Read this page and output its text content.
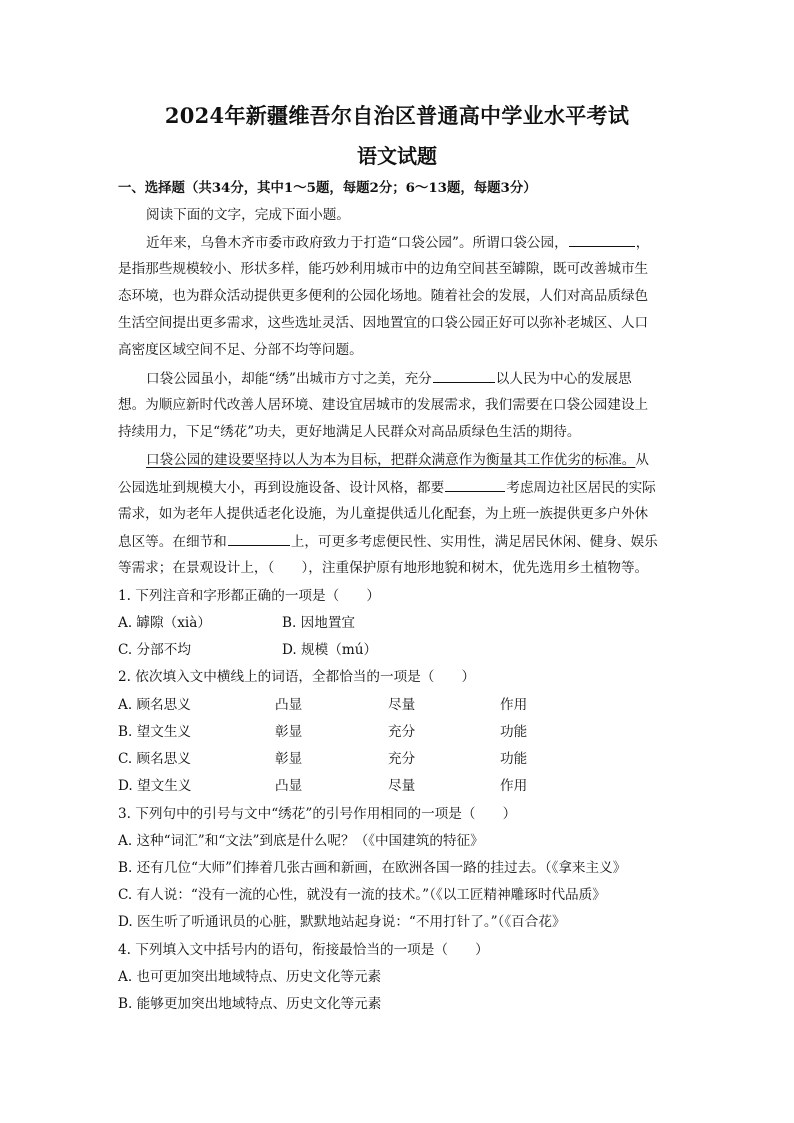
2024年新疆维吾尔自治区普通高中学业水平考试
语文试题
一、选择题（共34分，其中1～5题，每题2分；6～13题，每题3分）
阅读下面的文字，完成下面小题。
近年来，乌鲁木齐市委市政府致力于打造“口袋公园”。所谓口袋公园，	，
是指那些规模较小、形状多样，能巧妙利用城市中的边角空间甚至罅隙，既可改善城市生
态环境，也为群众活动提供更多便利的公园化场地。随着社会的发展，人们对高品质绿色
生活空间提出更多需求，这些选址灵活、因地置宜的口袋公园正好可以弥补老城区、人口
高密度区域空间不足、分部不均等问题。
口袋公园虽小，却能“绣”出城市方寸之美，充分	以人民为中心的发展思
想。为顺应新时代改善人居环境、建设宜居城市的发展需求，我们需要在口袋公园建设上
持续用力，下足“绣花”功夫，更好地满足人民群众对高品质绿色生活的期待。
口袋公园的建设要坚持以人为本为目标，把群众满意作为衡量其工作优劣的标准。从
公园选址到规模大小，再到设施设备、设计风格，都要	考虑周边社区居民的实际
需求，如为老年人提供适老化设施，为儿童提供适儿化配套，为上班一族提供更多户外休
息区等。在细节和	上，可更多考虑便民性、实用性，满足居民休闲、健身、娱乐
等需求；在景观设计上，（　　），注重保护原有地形地貌和树木，优先选用乡土植物等。
1. 下列注音和字形都正确的一项是（　　）
A. 罅隙（xià）	B. 因地置宜
C. 分部不均	D. 规模（mú）
2. 依次填入文中横线上的词语，全都恰当的一项是（　　）
A. 顾名思义	凸显	尽量	作用
B. 望文生义	彰显	充分	功能
C. 顾名思义	彰显	充分	功能
D. 望文生义	凸显	尽量	作用
3. 下列句中的引号与文中“绣花”的引号作用相同的一项是（　　）
A. 这种“词汇”和“文法”到底是什么呢？（《中国建筑的特征》
B. 还有几位“大师”们捧着几张古画和新画，在欧洲各国一路的挂过去。（《拿来主义》
C. 有人说：“没有一流的心性，就没有一流的技术。”（《以工匠精神雕琢时代品质》
D. 医生听了听通讯员的心脏，默默地站起身说：“不用打针了。”（《百合花》
4. 下列填入文中括号内的语句，衔接最恰当的一项是（　　）
A. 也可更加突出地域特点、历史文化等元素
B. 能够更加突出地域特点、历史文化等元素
